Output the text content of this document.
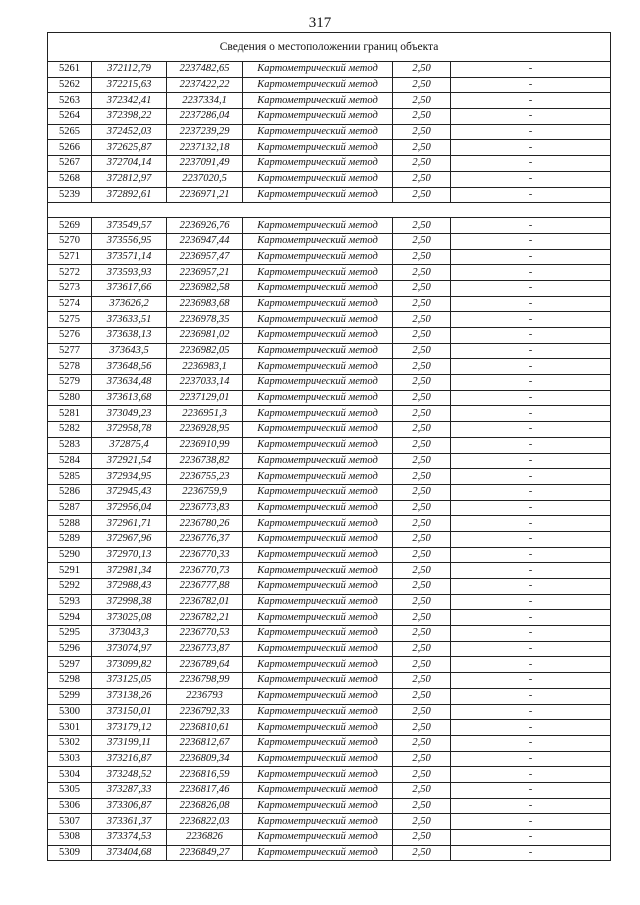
317
Сведения о местоположении границ объекта					
5261	372112,79	2237482,65	Картометрический метод	2,50	-
5262	372215,63	2237422,22	Картометрический метод	2,50	-
5263	372342,41	2237334,1	Картометрический метод	2,50	-
5264	372398,22	2237286,04	Картометрический метод	2,50	-
5265	372452,03	2237239,29	Картометрический метод	2,50	-
5266	372625,87	2237132,18	Картометрический метод	2,50	-
5267	372704,14	2237091,49	Картометрический метод	2,50	-
5268	372812,97	2237020,5	Картометрический метод	2,50	-
5239	372892,61	2236971,21	Картометрический метод	2,50	-

5269	373549,57	2236926,76	Картометрический метод	2,50	-
5270	373556,95	2236947,44	Картометрический метод	2,50	-
5271	373571,14	2236957,47	Картометрический метод	2,50	-
5272	373593,93	2236957,21	Картометрический метод	2,50	-
5273	373617,66	2236982,58	Картометрический метод	2,50	-
5274	373626,2	2236983,68	Картометрический метод	2,50	-
5275	373633,51	2236978,35	Картометрический метод	2,50	-
5276	373638,13	2236981,02	Картометрический метод	2,50	-
5277	373643,5	2236982,05	Картометрический метод	2,50	-
5278	373648,56	2236983,1	Картометрический метод	2,50	-
5279	373634,48	2237033,14	Картометрический метод	2,50	-
5280	373613,68	2237129,01	Картометрический метод	2,50	-
5281	373049,23	2236951,3	Картометрический метод	2,50	-
5282	372958,78	2236928,95	Картометрический метод	2,50	-
5283	372875,4	2236910,99	Картометрический метод	2,50	-
5284	372921,54	2236738,82	Картометрический метод	2,50	-
5285	372934,95	2236755,23	Картометрический метод	2,50	-
5286	372945,43	2236759,9	Картометрический метод	2,50	-
5287	372956,04	2236773,83	Картометрический метод	2,50	-
5288	372961,71	2236780,26	Картометрический метод	2,50	-
5289	372967,96	2236776,37	Картометрический метод	2,50	-
5290	372970,13	2236770,33	Картометрический метод	2,50	-
5291	372981,34	2236770,73	Картометрический метод	2,50	-
5292	372988,43	2236777,88	Картометрический метод	2,50	-
5293	372998,38	2236782,01	Картометрический метод	2,50	-
5294	373025,08	2236782,21	Картометрический метод	2,50	-
5295	373043,3	2236770,53	Картометрический метод	2,50	-
5296	373074,97	2236773,87	Картометрический метод	2,50	-
5297	373099,82	2236789,64	Картометрический метод	2,50	-
5298	373125,05	2236798,99	Картометрический метод	2,50	-
5299	373138,26	2236793	Картометрический метод	2,50	-
5300	373150,01	2236792,33	Картометрический метод	2,50	-
5301	373179,12	2236810,61	Картометрический метод	2,50	-
5302	373199,11	2236812,67	Картометрический метод	2,50	-
5303	373216,87	2236809,34	Картометрический метод	2,50	-
5304	373248,52	2236816,59	Картометрический метод	2,50	-
5305	373287,33	2236817,46	Картометрический метод	2,50	-
5306	373306,87	2236826,08	Картометрический метод	2,50	-
5307	373361,37	2236822,03	Картометрический метод	2,50	-
5308	373374,53	2236826	Картометрический метод	2,50	-
5309	373404,68	2236849,27	Картометрический метод	2,50	-
